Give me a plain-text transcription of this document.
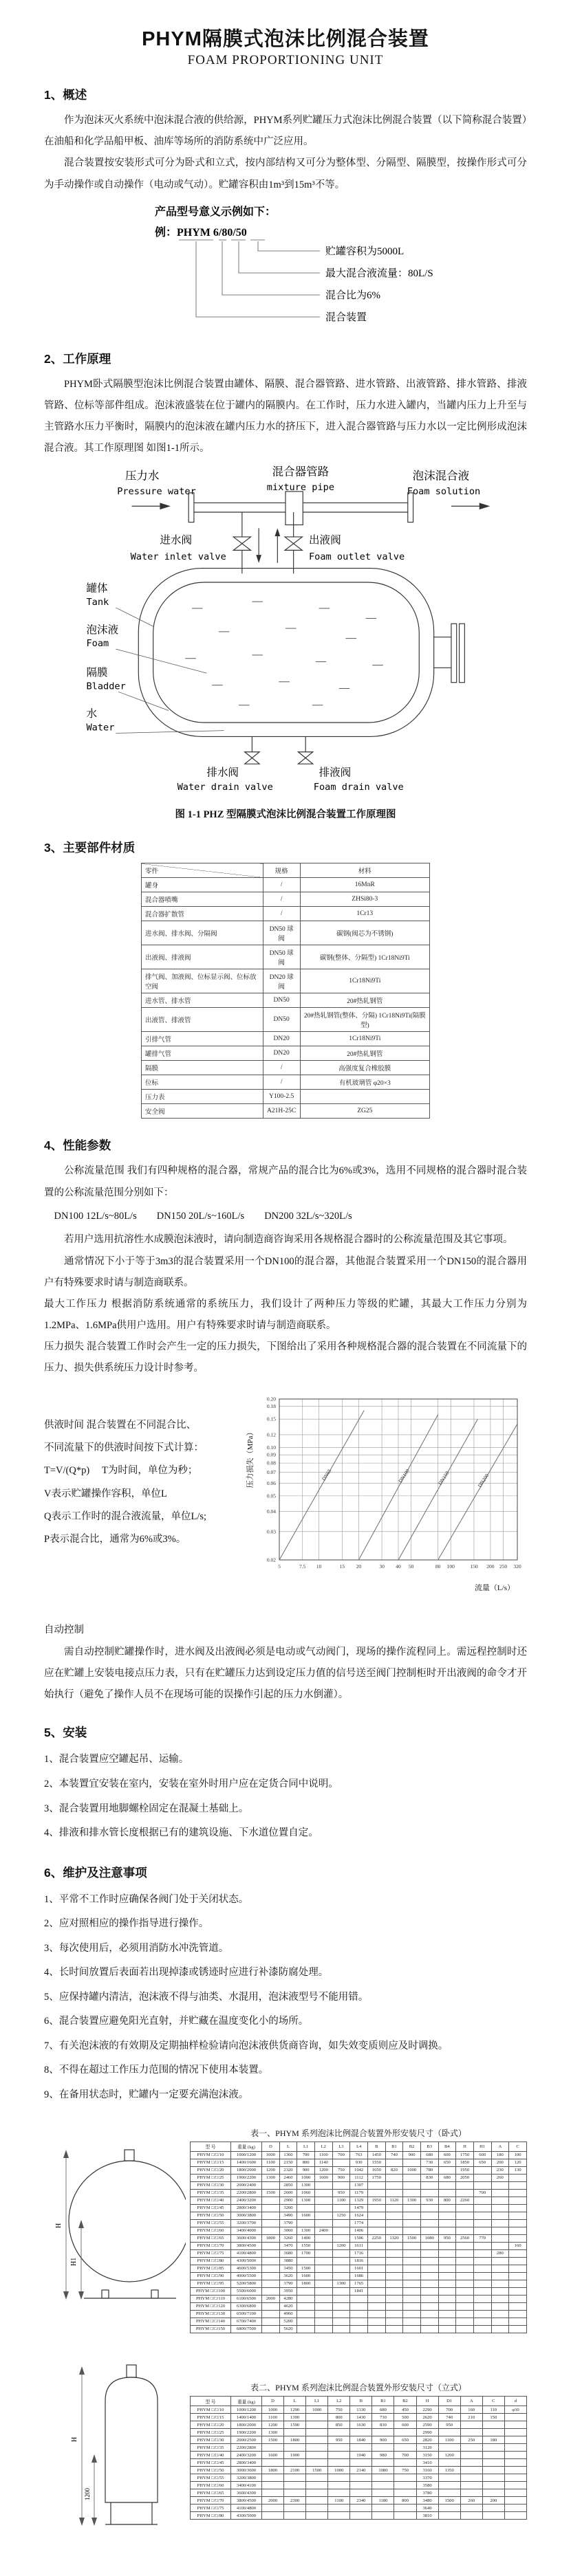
PHYM隔膜式泡沫比例混合装置
FOAM PROPORTIONING UNIT
1、概述

作为泡沫灭火系统中泡沫混合液的供给源，PHYM系列贮罐压力式泡沫比例混合装置（以下简称混合装置）在油船和化学品船甲板、油库等场所的消防系统中广泛应用。

混合装置按安装形式可分为卧式和立式，按内部结构又可分为整体型、分隔型、隔膜型，按操作形式可分为手动操作或自动操作（电动或气动）。贮罐容积由1m³到15m³不等。

产品型号意义示例如下：
例：PHYM 6/80/50
贮罐容积为5000L
最大混合液流量：80L/S
混合比为6%
混合装置
2、工作原理

PHYM卧式隔膜型泡沫比例混合装置由罐体、隔膜、混合器管路、进水管路、出液管路、排水管路、排液管路、位标等部件组成。泡沫液盛装在位于罐内的隔膜内。在工作时，压力水进入罐内，当罐内压力上升至与主管路水压力平衡时，隔膜内的泡沫液在罐内压力水的挤压下，进入混合器管路与压力水以一定比例形成泡沫混合液。其工作原理图 如图1-1所示。

压力水
Pressure water
混合器管路
mixture pipe
泡沫混合液
Foam solution
进水阀
Water inlet valve
出液阀
Foam outlet valve
罐体
Tank
泡沫液
Foam
隔膜
Bladder
水
Water
排水阀
Water drain valve
排液阀
Foam drain valve
图 1-1 PHZ 型隔膜式泡沫比例混合装置工作原理图
3、主要部件材质
零件	规格	材料
罐身	/	16MnR
混合器喷嘴	/	ZHSi80-3
混合器扩散管	/	1Cr13
进水阀、排水阀、分隔阀	DN50 球阀	碳钢(阀芯为不锈钢)
出液阀、排液阀	DN50 球阀	碳钢(整体、分隔型) 1Cr18Ni9Ti
排气阀、加液阀、位标显示阀、位标放空阀	DN20 球阀	1Cr18Ni9Ti
进水管、排水管	DN50	20#热轧钢管
出液管、排液管	DN50	20#热轧钢管(整体、分隔) 1Cr18Ni9Ti(隔膜型)
引排气管	DN20	1Cr18Ni9Ti
罐排气管	DN20	20#热轧钢管
隔膜	/	高强度复合橡胶膜
位标	/	有机玻璃管 φ20×3
压力表	Y100-2.5	
安全阀	A21H-25C	ZG25
4、性能参数

公称流量范围 我们有四种规格的混合器，常规产品的混合比为6%或3%，选用不同规格的混合器时混合装置的公称流量范围分别如下：

DN100 12L/s~80L/s　　DN150 20L/s~160L/s　　DN200 32L/s~320L/s

若用户选用抗溶性水成膜泡沫液时，请向制造商咨询采用各规格混合器时的公称流量范围及其它事项。

通常情况下小于等于3m3的混合装置采用一个DN100的混合器，其他混合装置采用一个DN150的混合器用户有特殊要求时请与制造商联系。

最大工作压力 根据消防系统通常的系统压力，我们设计了两种压力等级的贮罐，其最大工作压力分别为1.2MPa、1.6MPa供用户选用。用户有特殊要求时请与制造商联系。

压力损失 混合装置工作时会产生一定的压力损失，下图给出了采用各种规格混合器的混合装置在不同流量下的压力、损失供系统压力设计时参考。

供液时间 混合装置在不同混合比、
不同流量下的供液时间按下式计算：
T=V/(Q*p)　 T为时间，单位为秒；
V表示贮罐操作容积，单位L
Q表示工作时的混合液流量，单位L/s;
P表示混合比，通常为6%或3%。
5	7.5 10	15 20	30 40 50	80 100	150 200 250 320
0.02
0.03
0.04
0.05
0.06
0.07
0.08
0.09
0.10
0.12
0.15
0.18
0.20
DN65	DN100	DN150	DN200
流量（L/s）
压力损失（MPa）

自动控制

需自动控制贮罐操作时，进水阀及出液阀必须是电动或气动阀门，现场的操作流程同上。需远程控制时还应在贮罐上安装电接点压力表，只有在贮罐压力达到设定压力值的信号送至阀门控制柜时开出液阀的命令才开始执行（避免了操作人员不在现场可能的误操作引起的压力水倒灌）。

5、安装
1、混合装置应空罐起吊、运输。
2、本装置宜安装在室内，安装在室外时用户应在定货合同中说明。
3、混合装置用地脚螺栓固定在混凝土基础上。
4、排液和排水管长度根据已有的建筑设施、下水道位置自定。
6、维护及注意事项
1、平常不工作时应确保各阀门处于关闭状态。
2、应对照相应的操作指导进行操作。
3、每次使用后，必须用消防水冲洗管道。
4、长时间放置后表面若出现掉漆或锈迹时应进行补漆防腐处理。
5、应保持罐内清洁，泡沫液不得与油类、水混用，泡沫液型号不能用错。
6、混合装置应避免阳光直射，并贮藏在温度变化小的场所。
7、有关泡沫液的有效期及定期抽样检验请向泡沫液供货商咨询，如失效变质则应及时调换。
8、不得在超过工作压力范围的情况下使用本装置。
9、在备用状态时，贮罐内一定要充满泡沫液。
H
H1
表一、PHYM 系列泡沫比例混合装置外形安装尺寸（卧式）
型 号	重量 (kg)	D	L	L1	L2	L3	L4	B	B1	B2	B3	B4	H	H1	A	C
PHYM □/□/10	1000/1200	1000	1360	700	1100	700	763	1450	740	900	680	600	1750	600	180	100
PHYM □/□/15	1400/1600	1100	2150	800	1140		930	1550			730	650	1850	650	200	120
PHYM □/□/20	1800/2000	1200	2320	900	1200	750	1042	1650	820	1000	780		1950		230	130
PHYM □/□/25	1900/2200	1300	2460	1000	1600	900	1112	1750			830	680	2050		260	
PHYM □/□/30	2000/2400		2850	1300			1307									
PHYM □/□/35	2200/2800	1500	2600	1060		950	1179							700		
PHYM □/□/40	2400/3200		2900	1300		1100	1329	1950	1120	1300	930	800	2260			
PHYM □/□/45	2800/3400		3200				1479									
PHYM □/□/50	3000/3800		3490	1600		1250	1624									
PHYM □/□/55	3200/3700		3790				1774									
PHYM □/□/60	3400/4000		3060	1300	2400		1406									
PHYM □/□/65	3600/4300	1800	3260	1400			1506	2250	1320	1500	1080	950	2560	770		
PHYM □/□/70	3800/4500		3470	1550		1200	1611									160
PHYM □/□/75	4100/4800		3680	1700			1716								280	
PHYM □/□/80	4300/5000		3880				1816									
PHYM □/□/85	4600/5300		3450	1500			1601									
PHYM □/□/90	4900/5500		3620	1600			1686									
PHYM □/□/95	5200/5800		3790	1800		1300	1765									
PHYM □/□/100	5500/6000		3950				1841									
PHYM □/□/110	6100/6500	2000	4280													
PHYM □/□/120	6300/6800		4620													
PHYM □/□/130	6500/7100		4960													
PHYM □/□/140	6700/7400		5200													
PHYM □/□/150	6800/7500		5620													
H
1200
表二、PHYM 系列泡沫比例混合装置外形安装尺寸（立式）
型 号	重量 (kg)	D	L	L1	L2	B	B1	B2	H	D1	A	C	d
PHYM □/□/10	1000/1200	1000	1290	1000	750	1330	680	450	2290	700	160	110	φ30
PHYM □/□/15	1400/1400	1100	1390		800	1430	730	500	2620	740	210	150	
PHYM □/□/20	1800/2000	1200	1590		850	1630	830	600	2590	950			
PHYM □/□/25	1900/2200	1300							2990				
PHYM □/□/30	2000/2500	1500	1800		950	1840	900	650	2820	1100	250	180	
PHYM □/□/35	2200/2800								3120				
PHYM □/□/40	2400/3200	1600	1900			1940	980	700	3150	1200			
PHYM □/□/45	2800/3400								3410				
PHYM □/□/50	3000/3600	1800	2100	1500	1000	2140	1080	750	3160	1350			
PHYM □/□/55	3200/3800								3370				
PHYM □/□/60	3400/4100								3580				
PHYM □/□/65	3600/4300								3780				
PHYM □/□/70	3800/4500	2000	2300		1100	2340	1180	800	3480	1500	260	200	
PHYM □/□/75	4100/4800								3640				
PHYM □/□/80	4300/5000								3810				
